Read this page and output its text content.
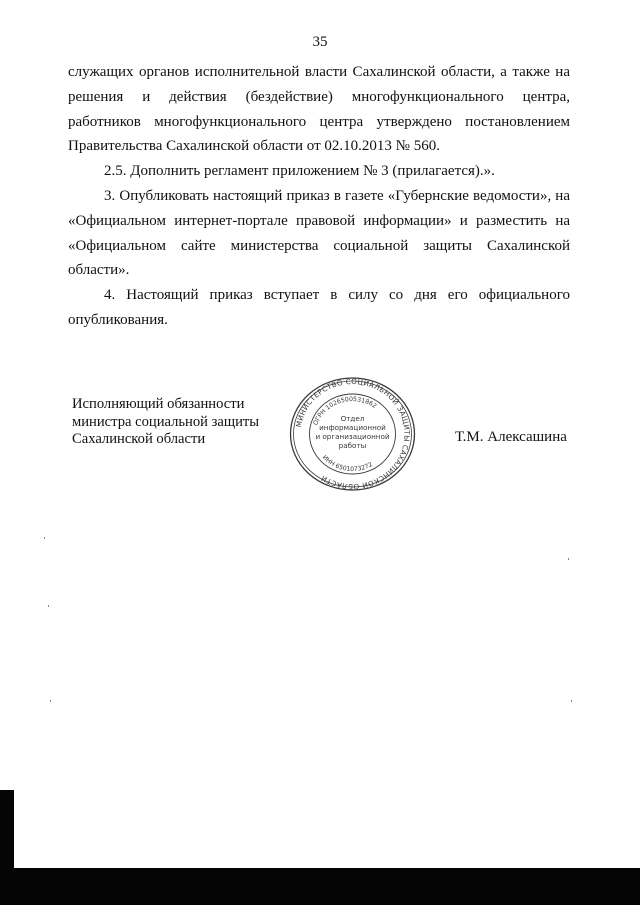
35

служащих органов исполнительной власти Сахалинской области, а также на решения и действия (бездействие) многофункционального центра, работников многофункционального центра утверждено постановлением Правительства Сахалинской области от 02.10.2013 № 560.

2.5. Дополнить регламент приложением № 3 (прилагается).».

3. Опубликовать настоящий приказ в газете «Губернские ведомости», на «Официальном интернет-портале правовой информации» и разместить на «Официальном сайте министерства социальной защиты Сахалинской области».

4. Настоящий приказ вступает в силу со дня его официального опубликования.

Исполняющий обязанности
министра социальной защиты
Сахалинской области
МИНИСТЕРСТВО СОЦИАЛЬНОЙ ЗАЩИТЫ САХАЛИНСКОЙ ОБЛАСТИ
ОГРН 1026500531862
ИНН 6501073272
Отдел
информационной
и организационной
работы
Т.М. Алексашина
